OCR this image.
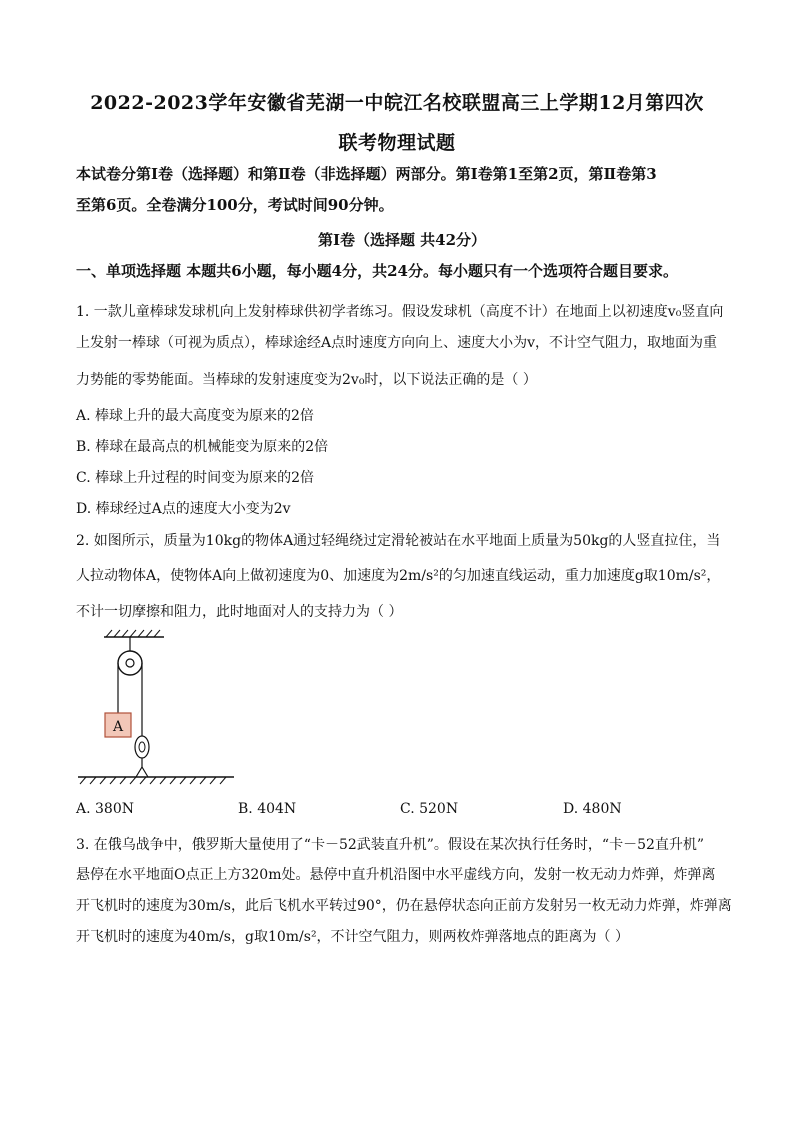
2022-2023学年安徽省芜湖一中皖江名校联盟高三上学期12月第四次
联考物理试题
本试卷分第Ⅰ卷（选择题）和第Ⅱ卷（非选择题）两部分。第Ⅰ卷第1至第2页，第Ⅱ卷第3
至第6页。全卷满分100分，考试时间90分钟。
第Ⅰ卷（选择题 共42分）
一、单项选择题 本题共6小题，每小题4分，共24分。每小题只有一个选项符合题目要求。
1. 一款儿童棒球发球机向上发射棒球供初学者练习。假设发球机（高度不计）在地面上以初速度v₀竖直向
上发射一棒球（可视为质点），棒球途经A点时速度方向向上、速度大小为v，不计空气阻力，取地面为重
力势能的零势能面。当棒球的发射速度变为2v₀时，以下说法正确的是（ ）
A. 棒球上升的最大高度变为原来的2倍
B. 棒球在最高点的机械能变为原来的2倍
C. 棒球上升过程的时间变为原来的2倍
D. 棒球经过A点的速度大小变为2v
2. 如图所示，质量为10kg的物体A通过轻绳绕过定滑轮被站在水平地面上质量为50kg的人竖直拉住，当
人拉动物体A，使物体A向上做初速度为0、加速度为2m/s²的匀加速直线运动，重力加速度g取10m/s²，
不计一切摩擦和阻力，此时地面对人的支持力为（ ）
A
A. 380N	B. 404N	C. 520N	D. 480N
3. 在俄乌战争中，俄罗斯大量使用了“卡－52武装直升机”。假设在某次执行任务时，“卡－52直升机”
悬停在水平地面O点正上方320m处。悬停中直升机沿图中水平虚线方向，发射一枚无动力炸弹，炸弹离
开飞机时的速度为30m/s，此后飞机水平转过90°，仍在悬停状态向正前方发射另一枚无动力炸弹，炸弹离
开飞机时的速度为40m/s，g取10m/s²，不计空气阻力，则两枚炸弹落地点的距离为（ ）
